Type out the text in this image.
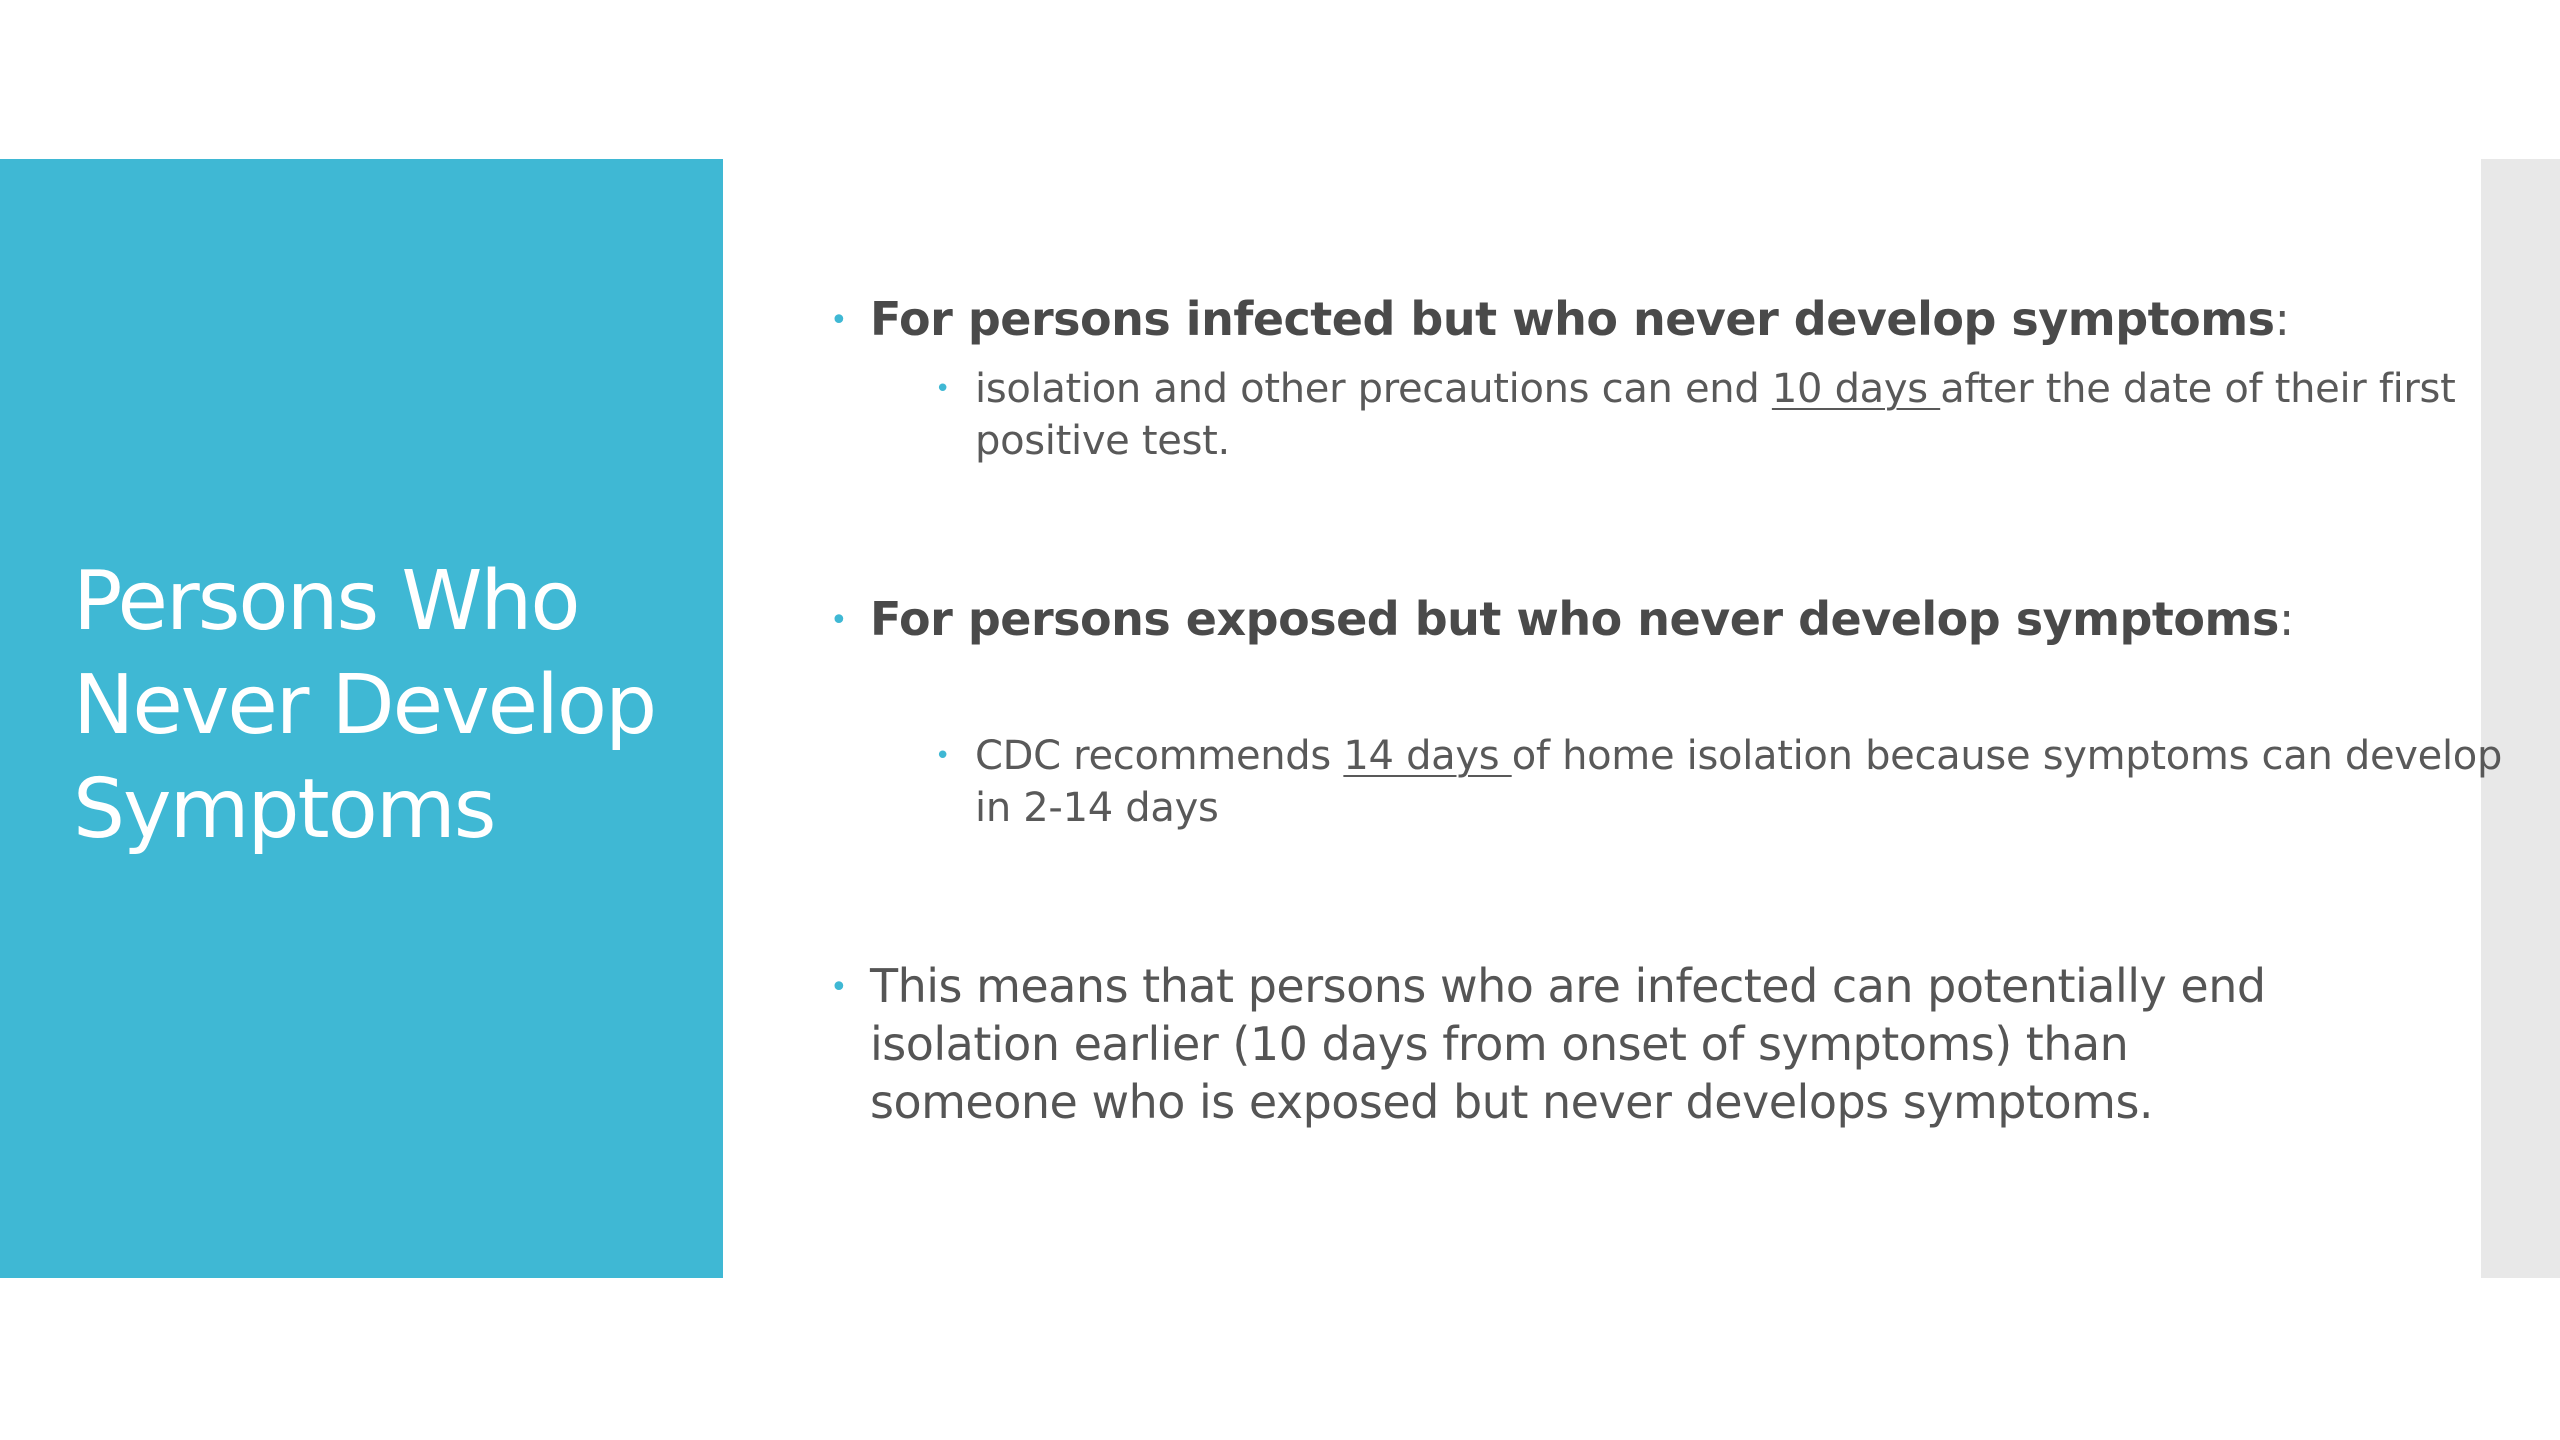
Persons Who
Never Develop
Symptoms
• For persons infected but who never develop symptoms:
• isolation and other precautions can end 10 days after the date of their first positive test.
• For persons exposed but who never develop symptoms:
• CDC recommends 14 days of home isolation because symptoms can develop in 2-14 days
• This means that persons who are infected can potentially end isolation earlier (10 days from onset of symptoms) than someone who is exposed but never develops symptoms.
